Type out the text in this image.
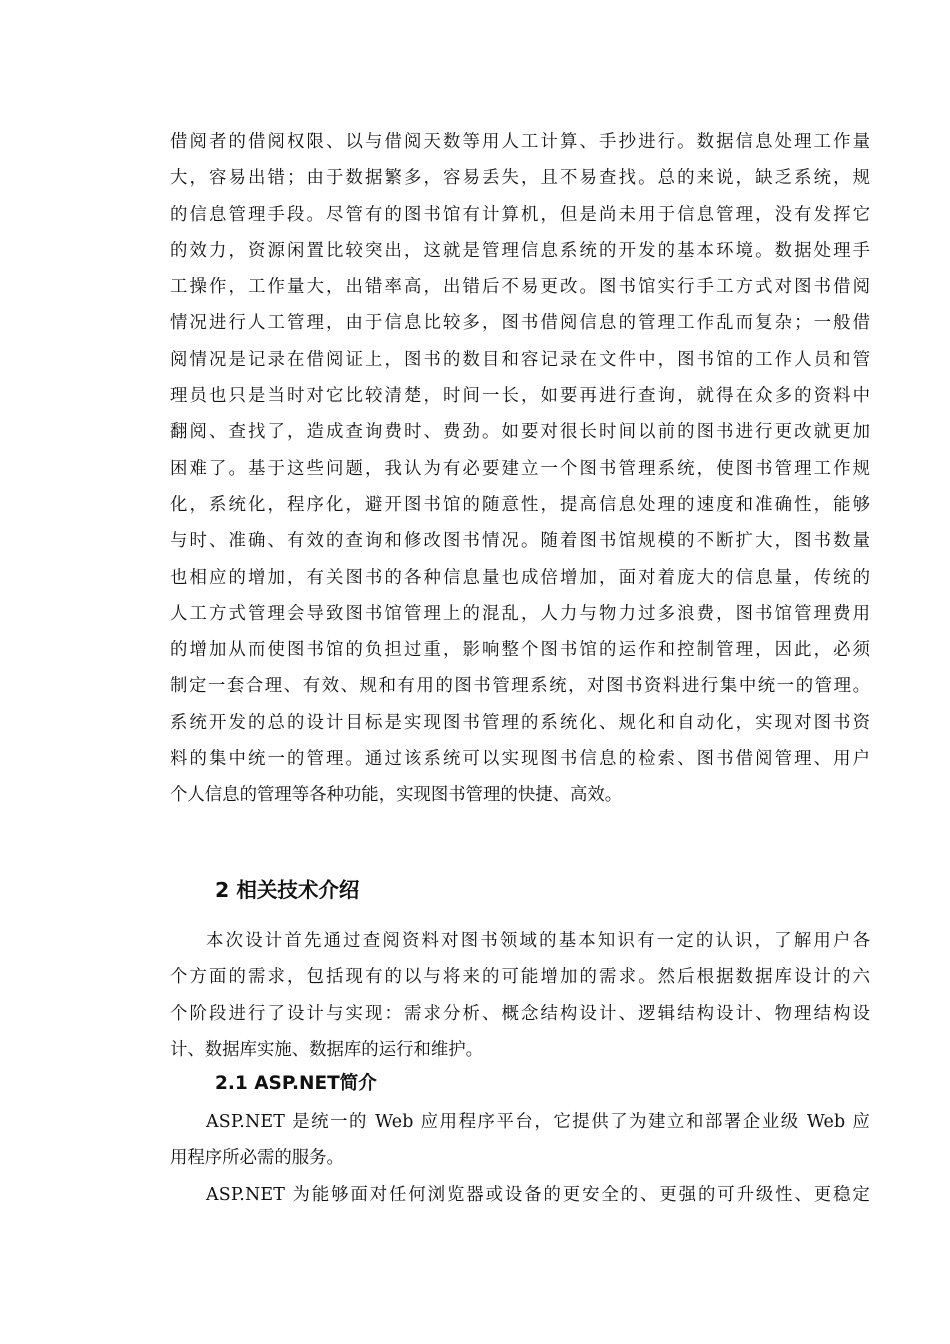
借阅者的借阅权限、以与借阅天数等用人工计算、手抄进行。数据信息处理工作量
大，容易出错；由于数据繁多，容易丢失，且不易查找。总的来说，缺乏系统，规
的信息管理手段。尽管有的图书馆有计算机，但是尚未用于信息管理，没有发挥它
的效力，资源闲置比较突出，这就是管理信息系统的开发的基本环境。数据处理手
工操作，工作量大，出错率高，出错后不易更改。图书馆实行手工方式对图书借阅
情况进行人工管理，由于信息比较多，图书借阅信息的管理工作乱而复杂；一般借
阅情况是记录在借阅证上，图书的数目和容记录在文件中，图书馆的工作人员和管
理员也只是当时对它比较清楚，时间一长，如要再进行查询，就得在众多的资料中
翻阅、查找了，造成查询费时、费劲。如要对很长时间以前的图书进行更改就更加
困难了。基于这些问题，我认为有必要建立一个图书管理系统，使图书管理工作规
化，系统化，程序化，避开图书馆的随意性，提高信息处理的速度和准确性，能够
与时、准确、有效的查询和修改图书情况。随着图书馆规模的不断扩大，图书数量
也相应的增加，有关图书的各种信息量也成倍增加，面对着庞大的信息量，传统的
人工方式管理会导致图书馆管理上的混乱，人力与物力过多浪费，图书馆管理费用
的增加从而使图书馆的负担过重，影响整个图书馆的运作和控制管理，因此，必须
制定一套合理、有效、规和有用的图书管理系统，对图书资料进行集中统一的管理。
系统开发的总的设计目标是实现图书管理的系统化、规化和自动化，实现对图书资
料的集中统一的管理。通过该系统可以实现图书信息的检索、图书借阅管理、用户
个人信息的管理等各种功能，实现图书管理的快捷、高效。
2 相关技术介绍
本次设计首先通过查阅资料对图书领域的基本知识有一定的认识，了解用户各
个方面的需求，包括现有的以与将来的可能增加的需求。然后根据数据库设计的六
个阶段进行了设计与实现：需求分析、概念结构设计、逻辑结构设计、物理结构设
计、数据库实施、数据库的运行和维护。
2.1 ASP.NET简介
ASP.NET 是统一的 Web 应用程序平台，它提供了为建立和部署企业级 Web 应
用程序所必需的服务。
ASP.NET 为能够面对任何浏览器或设备的更安全的、更强的可升级性、更稳定
